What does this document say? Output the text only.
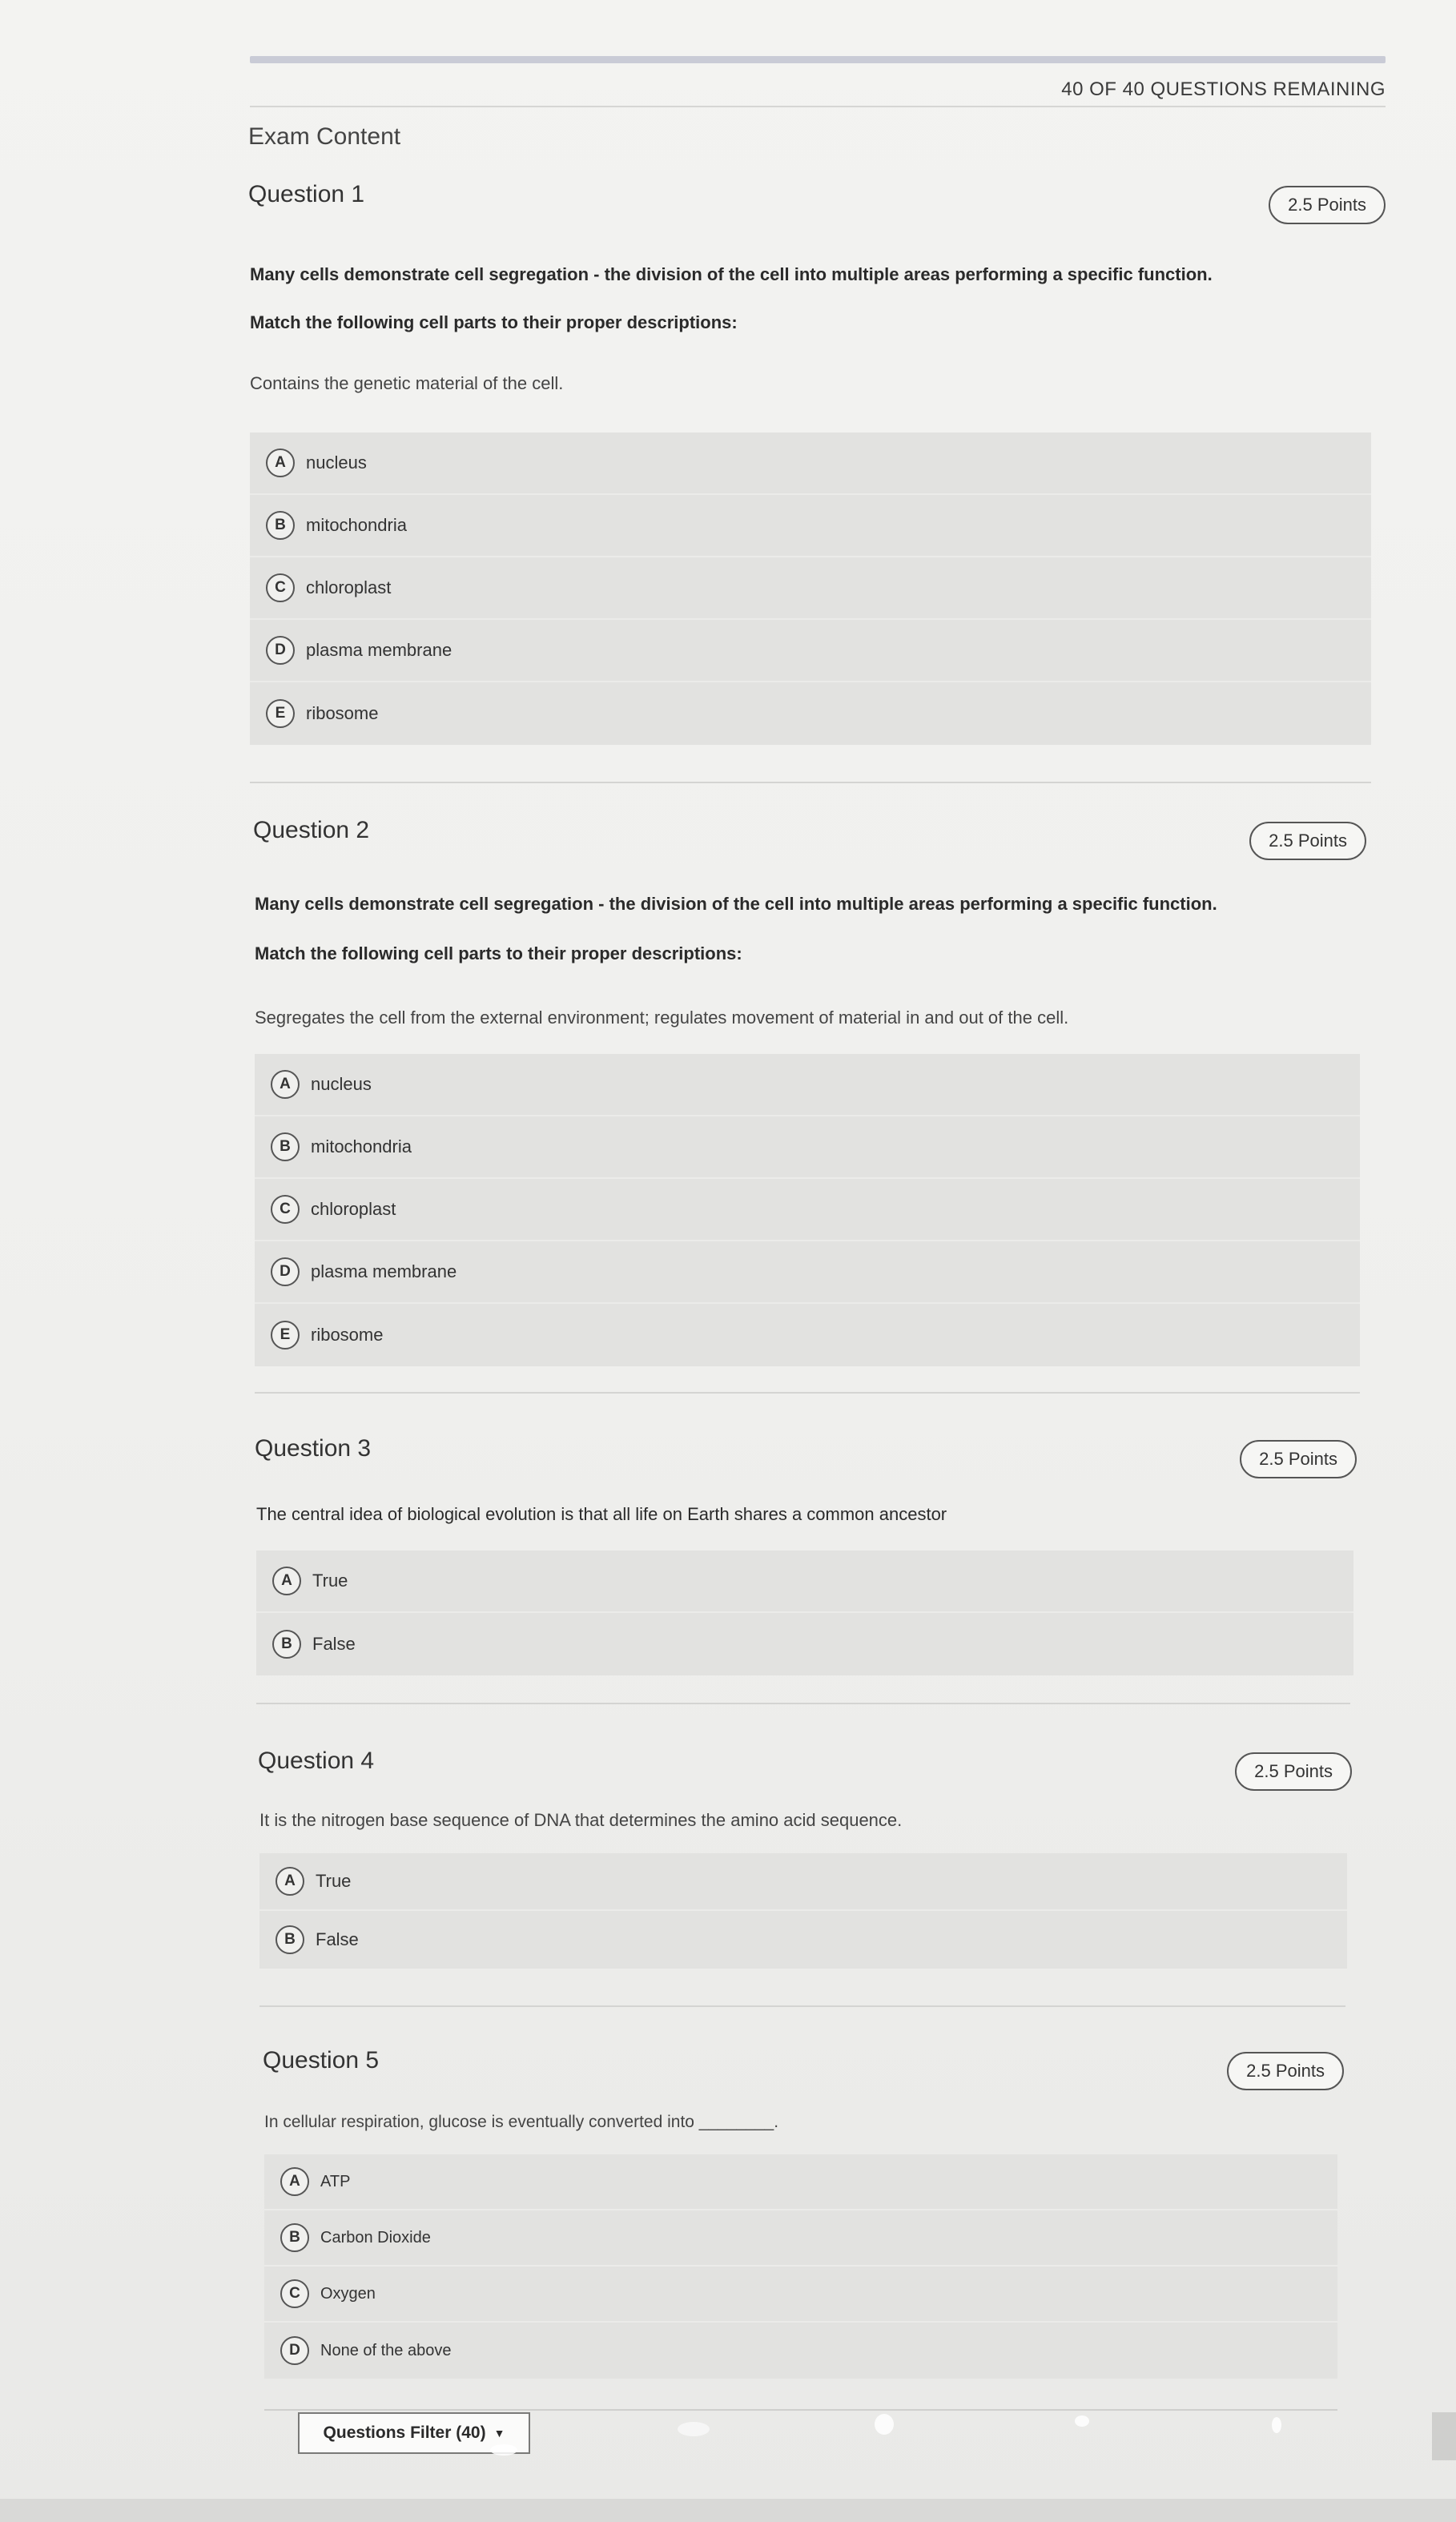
40 OF 40 QUESTIONS REMAINING
Exam Content
Question 1	2.5 Points
Many cells demonstrate cell segregation - the division of the cell into multiple areas performing a specific function.
Match the following cell parts to their proper descriptions:
Contains the genetic material of the cell.
A	nucleus
B	mitochondria
C	chloroplast
D	plasma membrane
E	ribosome
Question 2	2.5 Points
Many cells demonstrate cell segregation - the division of the cell into multiple areas performing a specific function.
Match the following cell parts to their proper descriptions:
Segregates the cell from the external environment; regulates movement of material in and out of the cell.
A	nucleus
B	mitochondria
C	chloroplast
D	plasma membrane
E	ribosome
Question 3	2.5 Points
The central idea of biological evolution is that all life on Earth shares a common ancestor
A	True
B	False
Question 4	2.5 Points
It is the nitrogen base sequence of DNA that determines the amino acid sequence.
A	True
B	False
Question 5	2.5 Points
In cellular respiration, glucose is eventually converted into ________.
A	ATP
B	Carbon Dioxide
C	Oxygen
D	None of the above
Questions Filter (40) ▼
